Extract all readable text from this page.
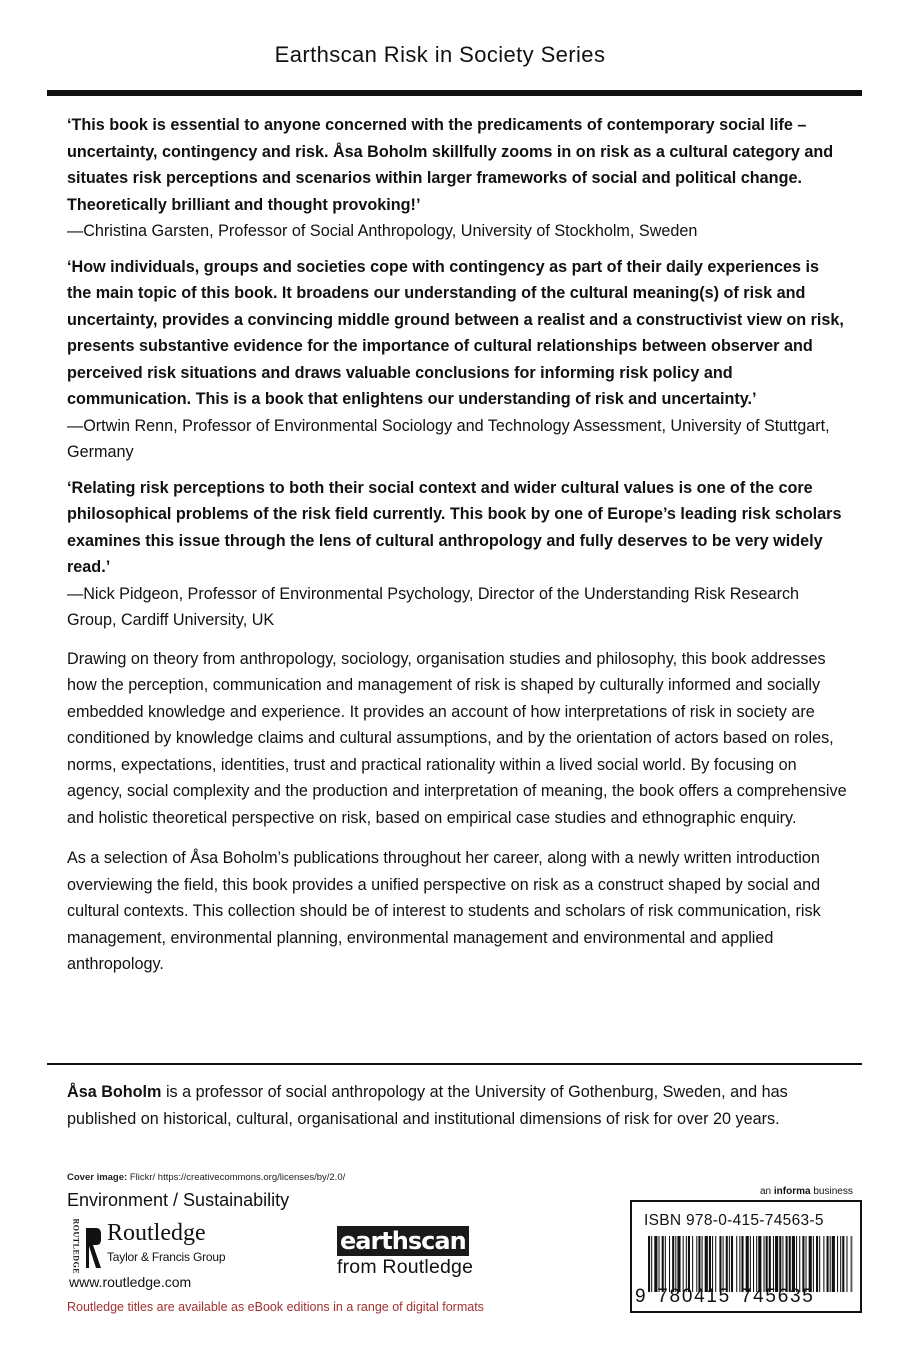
Earthscan Risk in Society Series
‘This book is essential to anyone concerned with the predicaments of contemporary social life – uncertainty, contingency and risk. Åsa Boholm skillfully zooms in on risk as a cultural category and situates risk perceptions and scenarios within larger frameworks of social and political change. Theoretically brilliant and thought provoking!’
—Christina Garsten, Professor of Social Anthropology, University of Stockholm, Sweden
‘How individuals, groups and societies cope with contingency as part of their daily experiences is the main topic of this book. It broadens our understanding of the cultural meaning(s) of risk and uncertainty, provides a convincing middle ground between a realist and a constructivist view on risk, presents substantive evidence for the importance of cultural relationships between observer and perceived risk situations and draws valuable conclusions for informing risk policy and communication. This is a book that enlightens our understanding of risk and uncertainty.’
—Ortwin Renn, Professor of Environmental Sociology and Technology Assessment, University of Stuttgart, Germany
‘Relating risk perceptions to both their social context and wider cultural values is one of the core philosophical problems of the risk field currently. This book by one of Europe’s leading risk scholars examines this issue through the lens of cultural anthropology and fully deserves to be very widely read.’
—Nick Pidgeon, Professor of Environmental Psychology, Director of the Understanding Risk Research Group, Cardiff University, UK
Drawing on theory from anthropology, sociology, organisation studies and philosophy, this book addresses how the perception, communication and management of risk is shaped by culturally informed and socially embedded knowledge and experience. It provides an account of how interpretations of risk in society are conditioned by knowledge claims and cultural assumptions, and by the orientation of actors based on roles, norms, expectations, identities, trust and practical rationality within a lived social world. By focusing on agency, social complexity and the production and interpretation of meaning, the book offers a comprehensive and holistic theoretical perspective on risk, based on empirical case studies and ethnographic enquiry.
As a selection of Åsa Boholm’s publications throughout her career, along with a newly written introduction overviewing the field, this book provides a unified perspective on risk as a construct shaped by social and cultural contexts. This collection should be of interest to students and scholars of risk communication, risk management, environmental planning, environmental management and environmental and applied anthropology.
Åsa Boholm is a professor of social anthropology at the University of Gothenburg, Sweden, and has published on historical, cultural, organisational and institutional dimensions of risk for over 20 years.
Cover image: Flickr/ https://creativecommons.org/licenses/by/2.0/
Environment / Sustainability
ROUTLEDGE Routledge
Taylor & Francis Group
www.routledge.com
earthscan
from Routledge
Routledge titles are available as eBook editions in a range of digital formats
an informa business
ISBN 978-0-415-74563-5
9 780415 745635
